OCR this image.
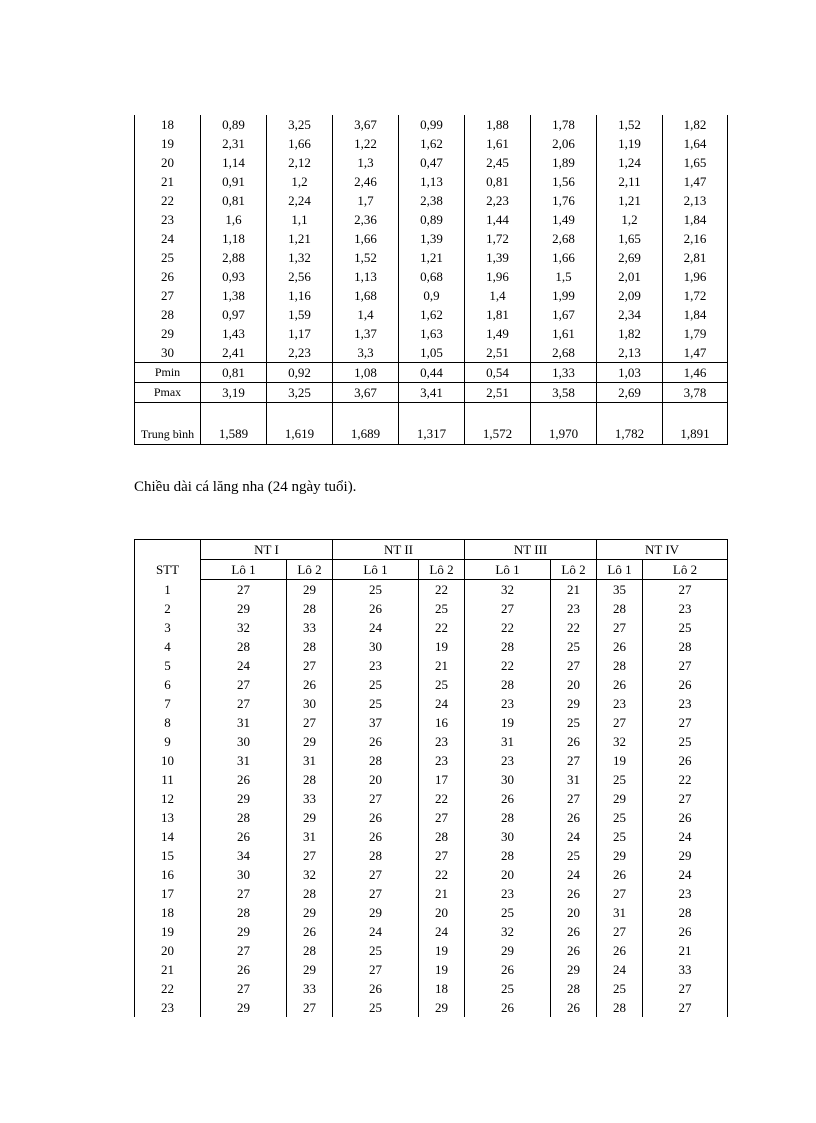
18	0,89	3,25	3,67	0,99	1,88	1,78	1,52	1,82
19	2,31	1,66	1,22	1,62	1,61	2,06	1,19	1,64
20	1,14	2,12	1,3	0,47	2,45	1,89	1,24	1,65
21	0,91	1,2	2,46	1,13	0,81	1,56	2,11	1,47
22	0,81	2,24	1,7	2,38	2,23	1,76	1,21	2,13
23	1,6	1,1	2,36	0,89	1,44	1,49	1,2	1,84
24	1,18	1,21	1,66	1,39	1,72	2,68	1,65	2,16
25	2,88	1,32	1,52	1,21	1,39	1,66	2,69	2,81
26	0,93	2,56	1,13	0,68	1,96	1,5	2,01	1,96
27	1,38	1,16	1,68	0,9	1,4	1,99	2,09	1,72
28	0,97	1,59	1,4	1,62	1,81	1,67	2,34	1,84
29	1,43	1,17	1,37	1,63	1,49	1,61	1,82	1,79
30	2,41	2,23	3,3	1,05	2,51	2,68	2,13	1,47
Pmin	0,81	0,92	1,08	0,44	0,54	1,33	1,03	1,46
Pmax	3,19	3,25	3,67	3,41	2,51	3,58	2,69	3,78
Trung bình	1,589	1,619	1,689	1,317	1,572	1,970	1,782	1,891
Chiều dài cá lăng nha (24 ngày tuổi).
	NT I		NT II		NT III		NT IV	
STT	Lô 1	Lô 2	Lô 1	Lô 2	Lô 1	Lô 2	Lô 1	Lô 2
1	27	29	25	22	32	21	35	27
2	29	28	26	25	27	23	28	23
3	32	33	24	22	22	22	27	25
4	28	28	30	19	28	25	26	28
5	24	27	23	21	22	27	28	27
6	27	26	25	25	28	20	26	26
7	27	30	25	24	23	29	23	23
8	31	27	37	16	19	25	27	27
9	30	29	26	23	31	26	32	25
10	31	31	28	23	23	27	19	26
11	26	28	20	17	30	31	25	22
12	29	33	27	22	26	27	29	27
13	28	29	26	27	28	26	25	26
14	26	31	26	28	30	24	25	24
15	34	27	28	27	28	25	29	29
16	30	32	27	22	20	24	26	24
17	27	28	27	21	23	26	27	23
18	28	29	29	20	25	20	31	28
19	29	26	24	24	32	26	27	26
20	27	28	25	19	29	26	26	21
21	26	29	27	19	26	29	24	33
22	27	33	26	18	25	28	25	27
23	29	27	25	29	26	26	28	27
